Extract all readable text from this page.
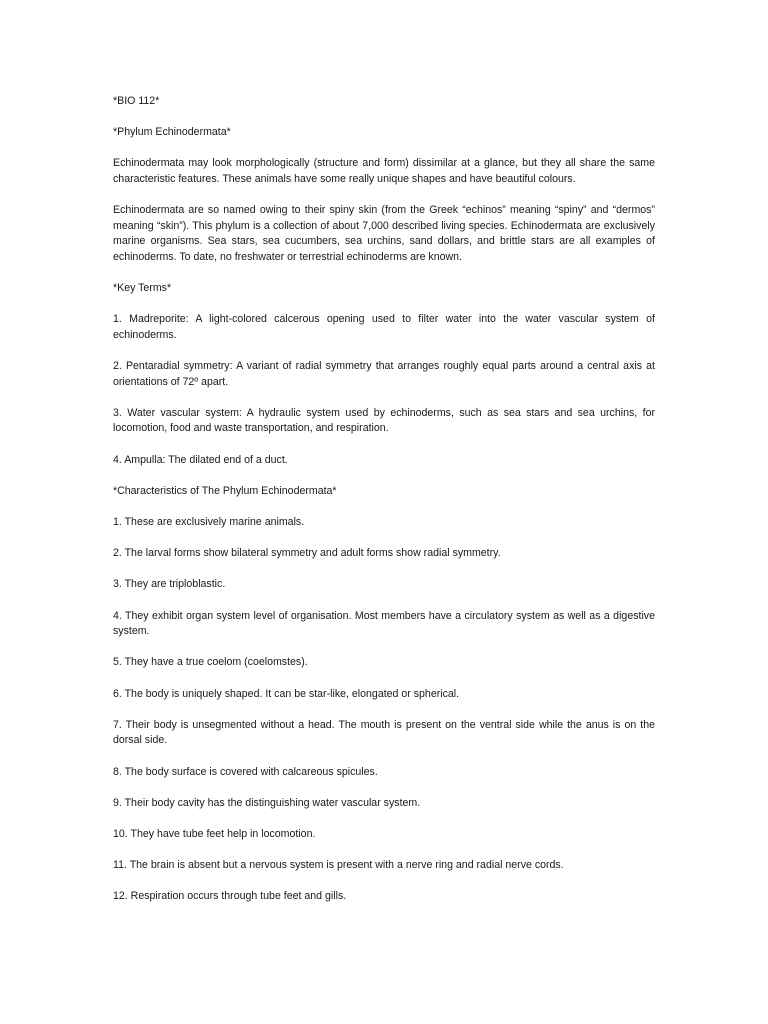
*BIO 112*

*Phylum Echinodermata*

Echinodermata may look morphologically (structure and form) dissimilar at a glance, but they all share the same characteristic features. These animals have some really unique shapes and have beautiful colours.

Echinodermata are so named owing to their spiny skin (from the Greek “echinos” meaning “spiny” and “dermos” meaning “skin”). This phylum is a collection of about 7,000 described living species. Echinodermata are exclusively marine organisms. Sea stars, sea cucumbers, sea urchins, sand dollars, and brittle stars are all examples of echinoderms. To date, no freshwater or terrestrial echinoderms are known.

*Key Terms*

1. Madreporite: A light-colored calcerous opening used to filter water into the water vascular system of echinoderms.

2. Pentaradial symmetry: A variant of radial symmetry that arranges roughly equal parts around a central axis at orientations of 72º apart.

3. Water vascular system: A hydraulic system used by echinoderms, such as sea stars and sea urchins, for locomotion, food and waste transportation, and respiration.

4. Ampulla: The dilated end of a duct.

*Characteristics of The Phylum Echinodermata*

1. These are exclusively marine animals.

2. The larval forms show bilateral symmetry and adult forms show radial symmetry.

3. They are triploblastic.

4. They exhibit organ system level of organisation. Most members have a circulatory system as well as a digestive system.

5. They have a true coelom (coelomstes).

6. The body is uniquely shaped. It can be star-like, elongated or spherical.

7. Their body is unsegmented without a head. The mouth is present on the ventral side while the anus is on the dorsal side.

8. The body surface is covered with calcareous spicules.

9. Their body cavity has the distinguishing water vascular system.

10. They have tube feet help in locomotion.

11. The brain is absent but a nervous system is present with a nerve ring and radial nerve cords.

12. Respiration occurs through tube feet and gills.
